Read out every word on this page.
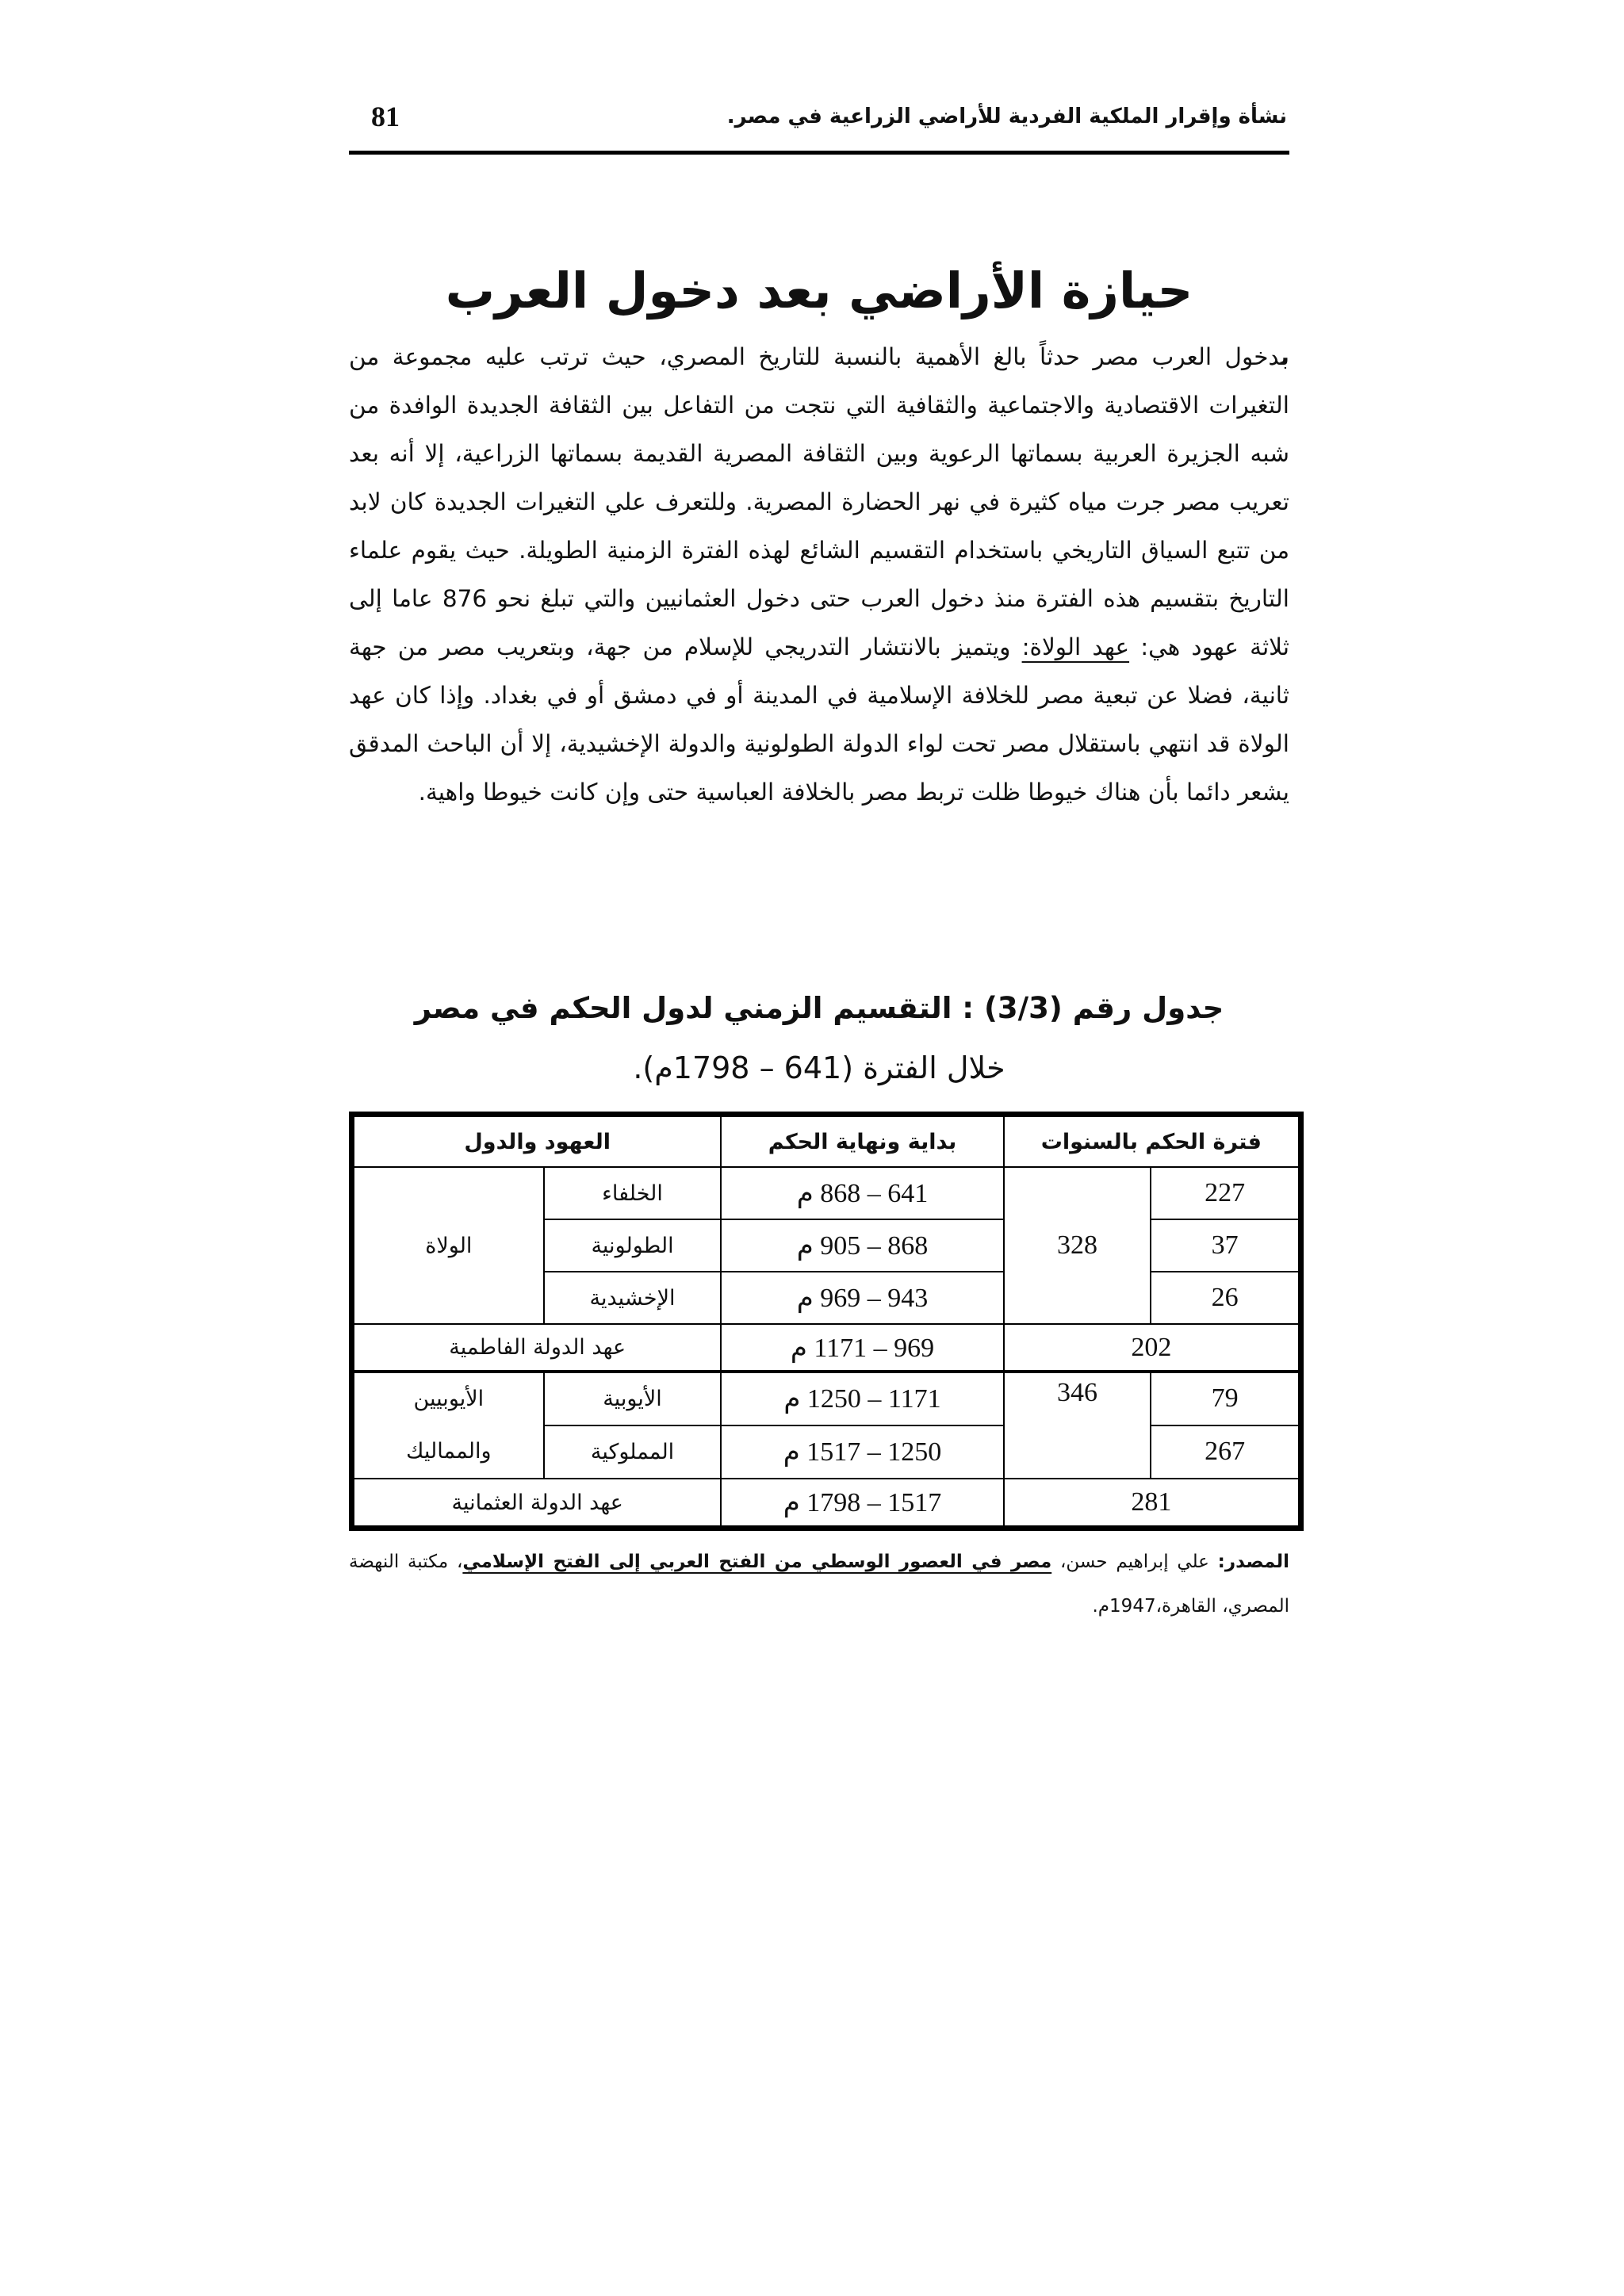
نشأة وإقرار الملكية الفردية للأراضي الزراعية في مصر.
81
حيازة الأراضي بعد دخول العرب

بدخول العرب مصر حدثاً بالغ الأهمية بالنسبة للتاريخ المصري، حيث ترتب عليه مجموعة من التغيرات الاقتصادية والاجتماعية والثقافية التي نتجت من التفاعل بين الثقافة الجديدة الوافدة من شبه الجزيرة العربية بسماتها الرعوية وبين الثقافة المصرية القديمة بسماتها الزراعية، إلا أنه بعد تعريب مصر جرت مياه كثيرة في نهر الحضارة المصرية. وللتعرف علي التغيرات الجديدة كان لابد من تتبع السياق التاريخي باستخدام التقسيم الشائع لهذه الفترة الزمنية الطويلة. حيث يقوم علماء التاريخ بتقسيم هذه الفترة منذ دخول العرب حتى دخول العثمانيين والتي تبلغ نحو 876 عاما إلى ثلاثة عهود هي: عهد الولاة: ويتميز بالانتشار التدريجي للإسلام من جهة، وبتعريب مصر من جهة ثانية، فضلا عن تبعية مصر للخلافة الإسلامية في المدينة أو في دمشق أو في بغداد. وإذا كان عهد الولاة قد انتهي باستقلال مصر تحت لواء الدولة الطولونية والدولة الإخشيدية، إلا أن الباحث المدقق يشعر دائما بأن هناك خيوطا ظلت تربط مصر بالخلافة العباسية حتى وإن كانت خيوطا واهية.

جدول رقم (3/3) : التقسيم الزمني لدول الحكم في مصر
خلال الفترة (641 – 1798م).
فترة الحكم بالسنوات		بداية ونهاية الحكم	العهود والدول	
227	328	641 – 868 م	الخلفاء	الولاة
37		868 – 905 م	الطولونية	
26		943 – 969 م	الإخشيدية	
202		969 – 1171 م	عهد الدولة الفاطمية	
79	346	1171 – 1250 م	الأيوبية	الأيوبيين
والمماليك

267		1250 – 1517 م	المملوكية	
281		1517 – 1798 م	عهد الدولة العثمانية	

المصدر: علي إبراهيم حسن، مصر في العصور الوسطي من الفتح العربي إلى الفتح الإسلامي، مكتبة النهضة المصري، القاهرة،1947م.
